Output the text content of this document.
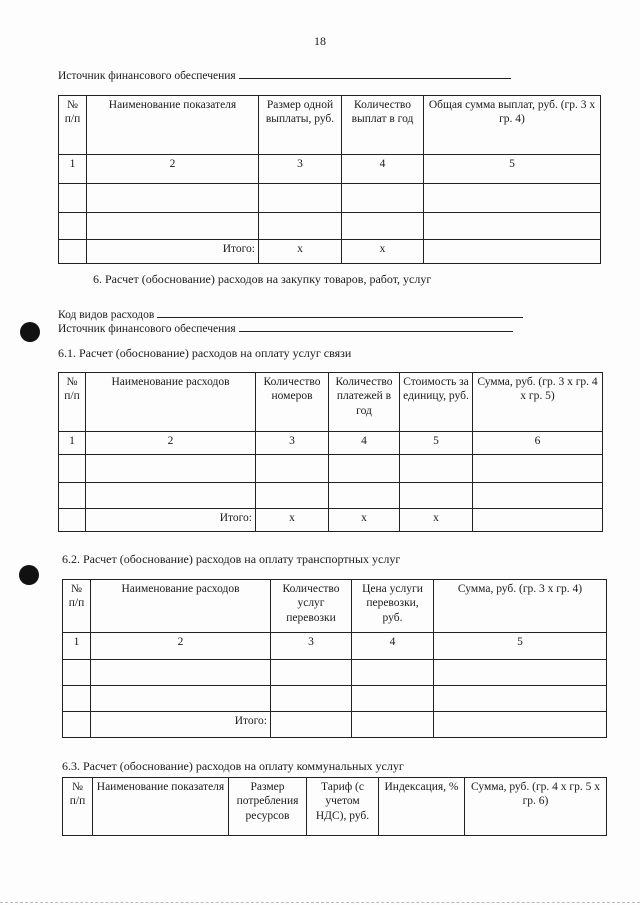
18
Источник финансового обеспечения
№ п/п	Наименование показателя	Размер одной выплаты, руб.	Количество выплат в год	Общая сумма выплат, руб. (гр. 3 х гр. 4)
1	2	3	4	5

	Итого:	х	х	
6. Расчет (обоснование) расходов на закупку товаров, работ, услуг
Код видов расходов
Источник финансового обеспечения
6.1. Расчет (обоснование) расходов на оплату услуг связи
№ п/п	Наименование расходов	Количество номеров	Количество платежей в год	Стоимость за единицу, руб.	Сумма, руб. (гр. 3 х гр. 4 х гр. 5)
1	2	3	4	5	6

	Итого:	х	х	х	
6.2. Расчет (обоснование) расходов на оплату транспортных услуг
№ п/п	Наименование расходов	Количество услуг перевозки	Цена услуги перевозки, руб.	Сумма, руб. (гр. 3 х гр. 4)
1	2	3	4	5

	Итого:			
6.3. Расчет (обоснование) расходов на оплату коммунальных услуг
№ п/п	Наименование показателя	Размер потребления ресурсов	Тариф (с учетом НДС), руб.	Индексация, %	Сумма, руб. (гр. 4 х гр. 5 х гр. 6)
